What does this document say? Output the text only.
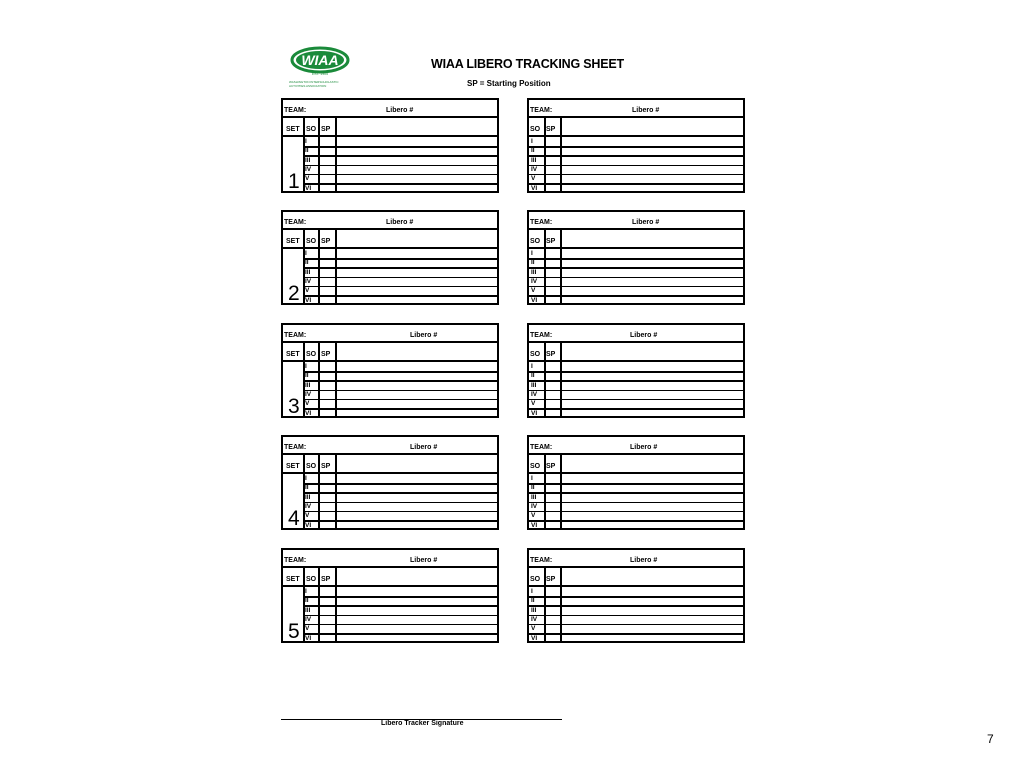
WIAA
EST. 1905
WASHINGTON INTERSCHOLASTIC
ACTIVITIES ASSOCIATION
WIAA LIBERO TRACKING SHEET
SP = Starting Position
TEAM:	Libero #
SET SO SP
I
II
III
IV
V
VI
1
TEAM:	Libero #
SO SP
I
II
III
IV
V
VI
TEAM:	Libero #
SET SO SP
I
II
III
IV
V
VI
2
TEAM:	Libero #
SO SP
I
II
III
IV
V
VI
TEAM:	Libero #
SET SO SP
I
II
III
IV
V
VI
3
TEAM:	Libero #
SO SP
I
II
III
IV
V
VI
TEAM:	Libero #
SET SO SP
I
II
III
IV
V
VI
4
TEAM:	Libero #
SO SP
I
II
III
IV
V
VI
TEAM:	Libero #
SET SO SP
I
II
III
IV
V
VI
5
TEAM:	Libero #
SO SP
I
II
III
IV
V
VI
Libero Tracker Signature
7
